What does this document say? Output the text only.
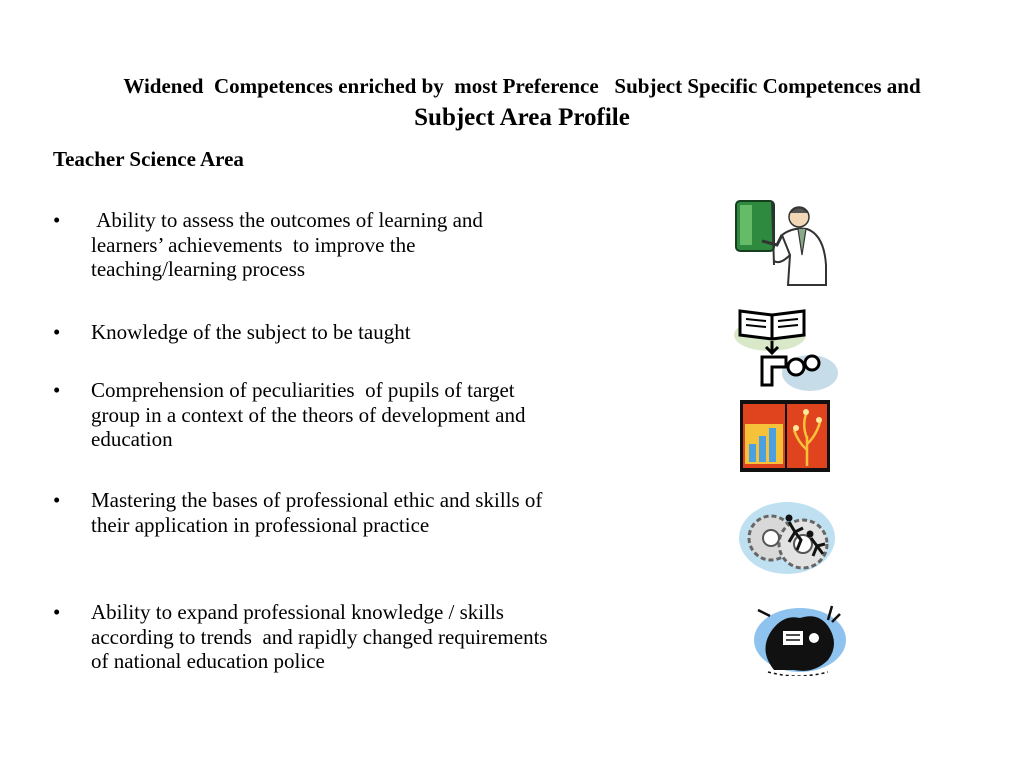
Widened  Competences enriched by  most Preference   Subject Specific Competences and Subject Area Profile
Teacher Science Area
•	Ability to assess the outcomes of learning and learners’ achievements  to improve the teaching/learning process
•	Knowledge of the subject to be taught
•	Comprehension of peculiarities  of pupils of target group in a context of the theors of development and education
•	Mastering the bases of professional ethic and skills of their application in professional practice
•	Ability to expand professional knowledge / skills according to trends  and rapidly changed requirements of national education police
